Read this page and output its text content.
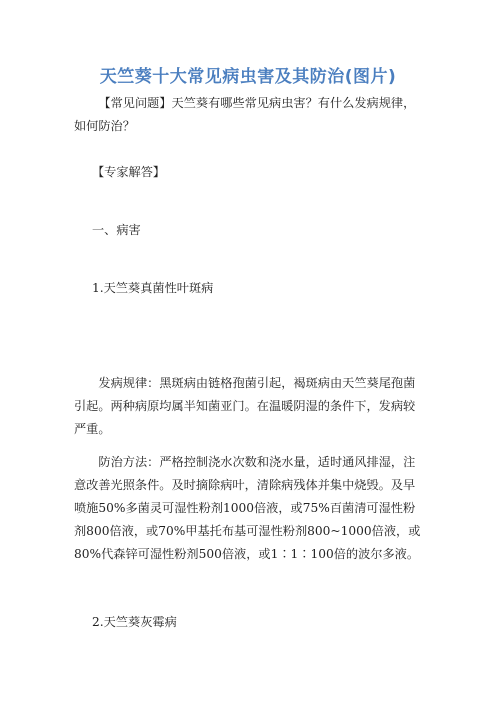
天竺葵十大常见病虫害及其防治(图片)

【常见问题】天竺葵有哪些常见病虫害？有什么发病规律，如何防治？

【专家解答】

一、病害

1.天竺葵真菌性叶斑病

发病规律：黑斑病由链格孢菌引起，褐斑病由天竺葵尾孢菌引起。两种病原均属半知菌亚门。在温暖阴湿的条件下，发病较严重。

防治方法：严格控制浇水次数和浇水量，适时通风排湿，注意改善光照条件。及时摘除病叶，清除病残体并集中烧毁。及早喷施50%多菌灵可湿性粉剂1000倍液，或75%百菌清可湿性粉剂800倍液，或70%甲基托布基可湿性粉剂800~1000倍液，或80%代森锌可湿性粉剂500倍液，或1∶1∶100倍的波尔多液。

2.天竺葵灰霉病
